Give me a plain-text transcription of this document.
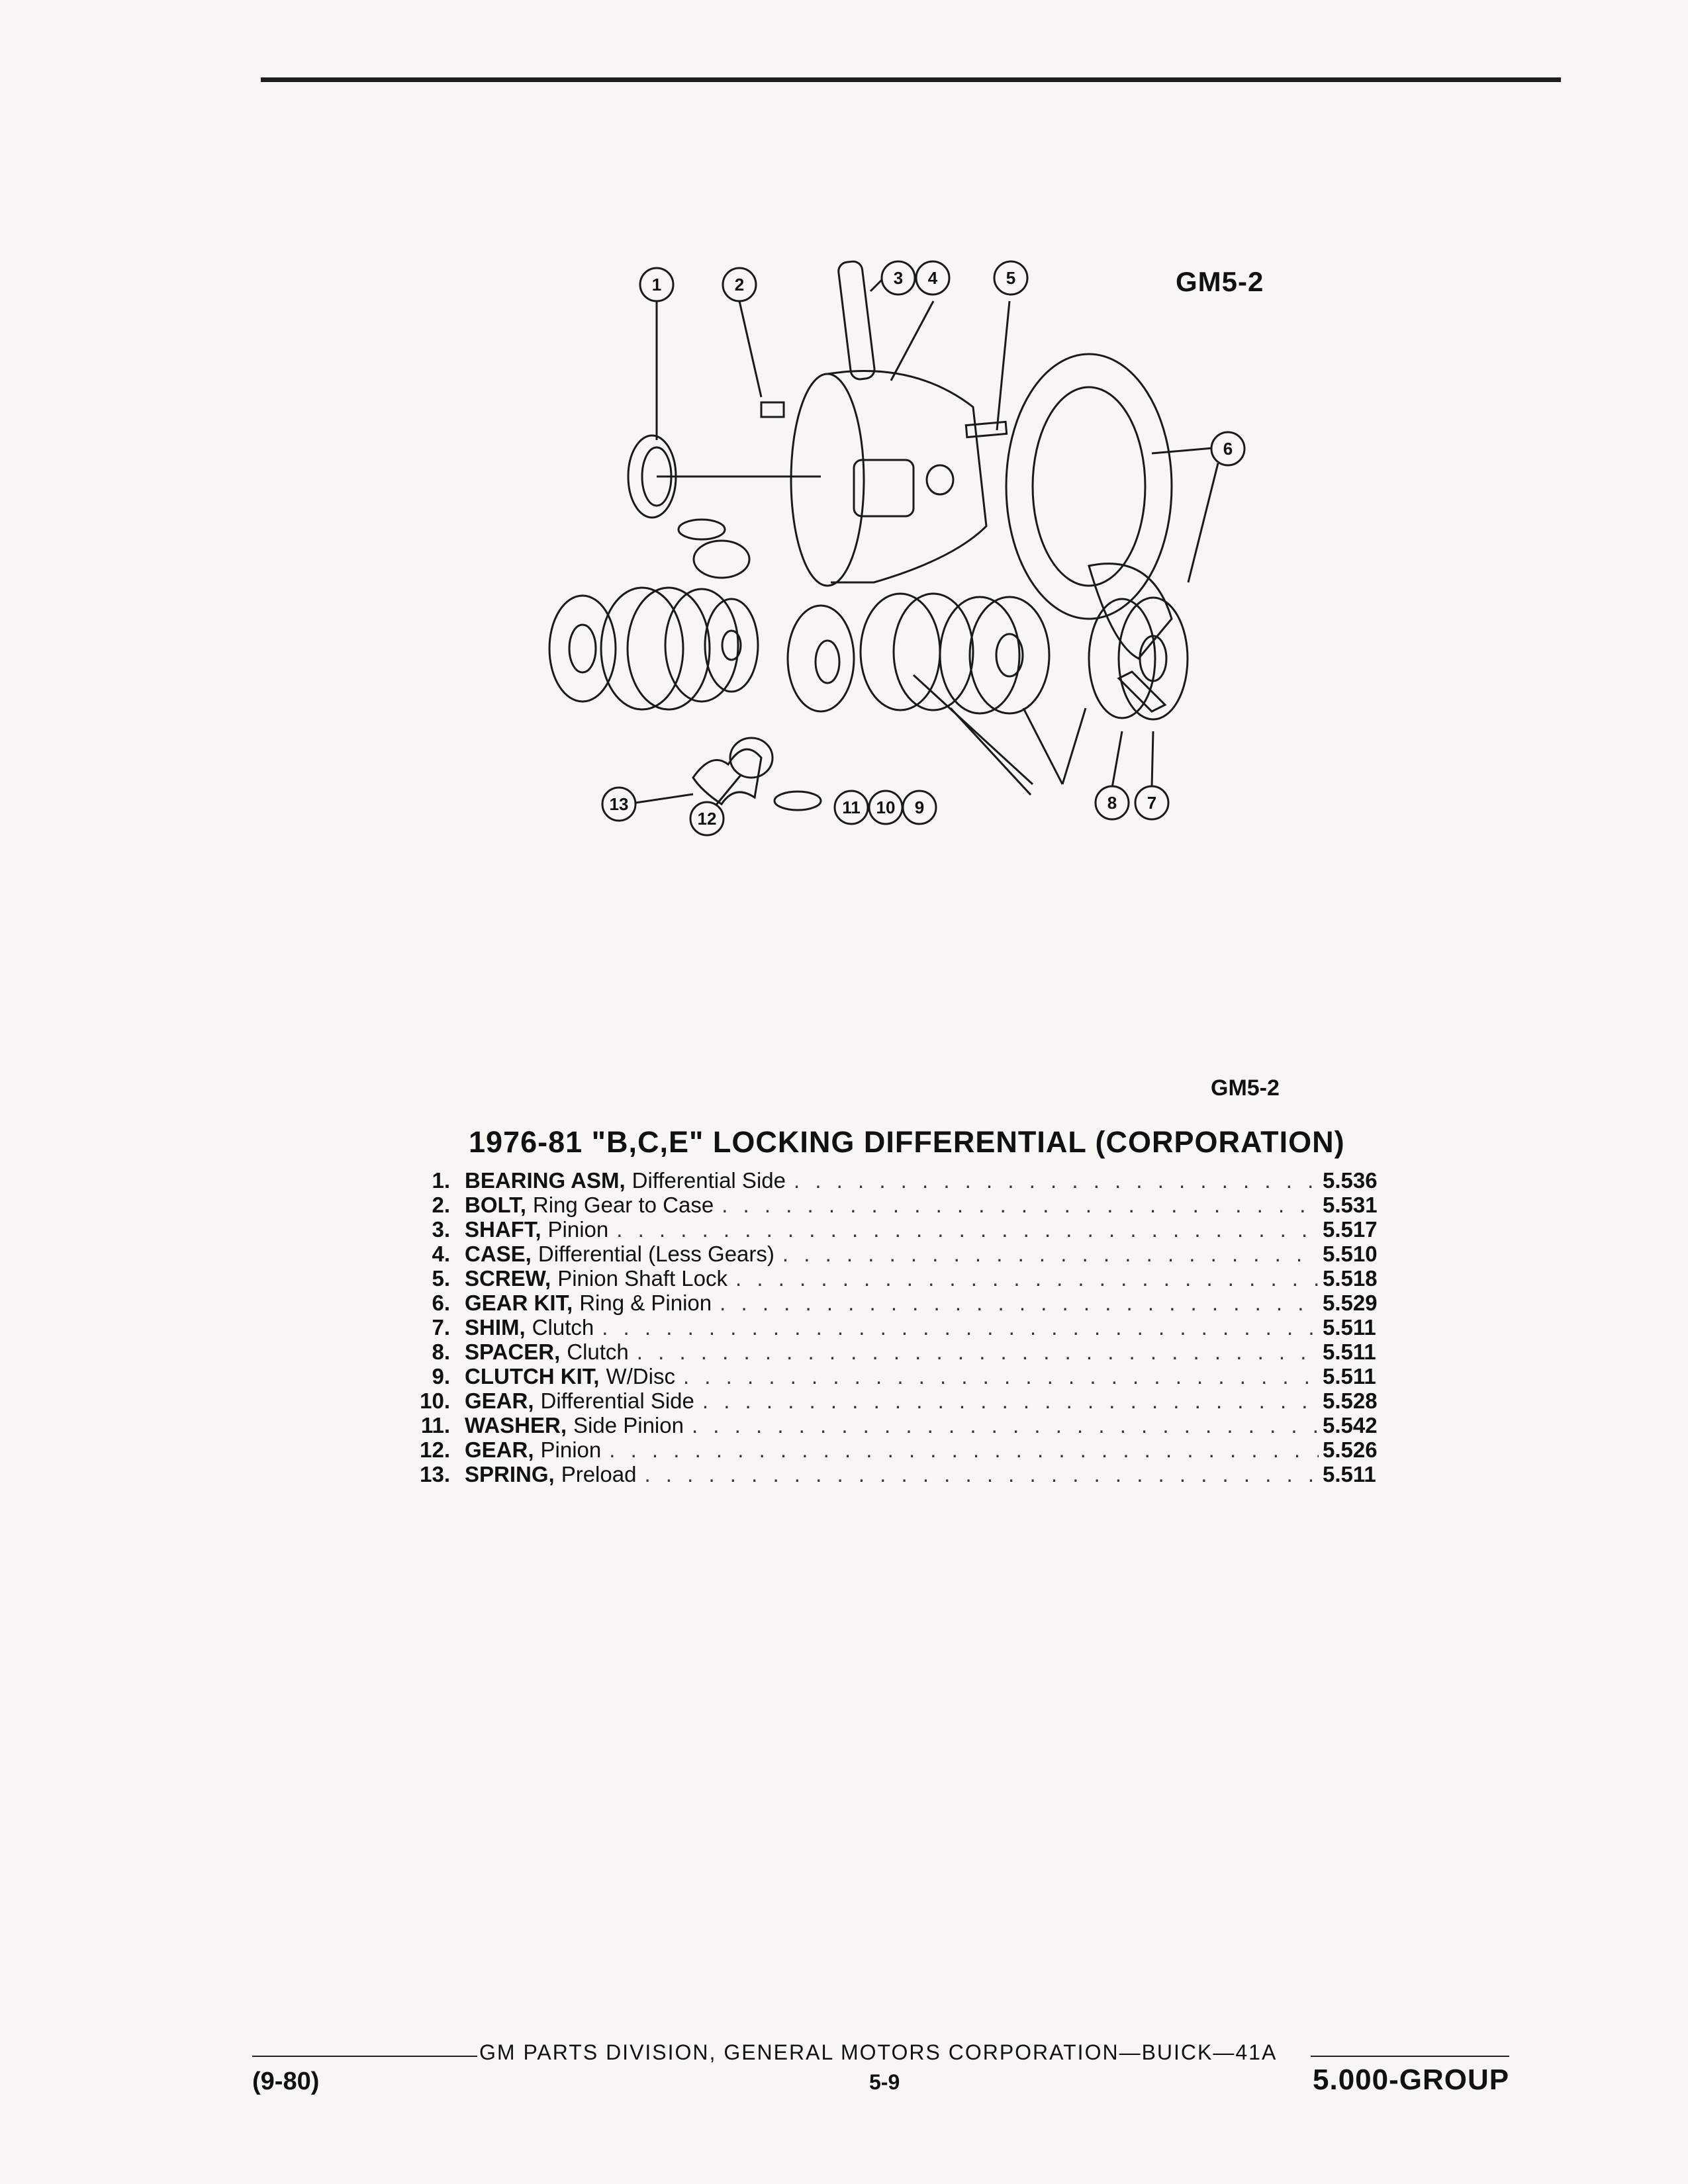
GM5-2
1	2	3 4	5
6
13
12
11 10 9	8 7
GM5-2
1976-81 "B,C,E" LOCKING DIFFERENTIAL (CORPORATION)
1. BEARING ASM, Differential Side . . .	5.536
2. BOLT, Ring Gear to Case . . .	5.531
3. SHAFT, Pinion . . .	5.517
4. CASE, Differential (Less Gears) . . .	5.510
5. SCREW, Pinion Shaft Lock . . .	5.518
6. GEAR KIT, Ring & Pinion . . .	5.529
7. SHIM, Clutch . . .	5.511
8. SPACER, Clutch . . .	5.511
9. CLUTCH KIT, W/Disc . . .	5.511
10. GEAR, Differential Side . . .	5.528
11. WASHER, Side Pinion . . .	5.542
12. GEAR, Pinion . . .	5.526
13. SPRING, Preload . . .	5.511
GM PARTS DIVISION, GENERAL MOTORS CORPORATION—BUICK—41A
(9-80)	5-9	5.000-GROUP
